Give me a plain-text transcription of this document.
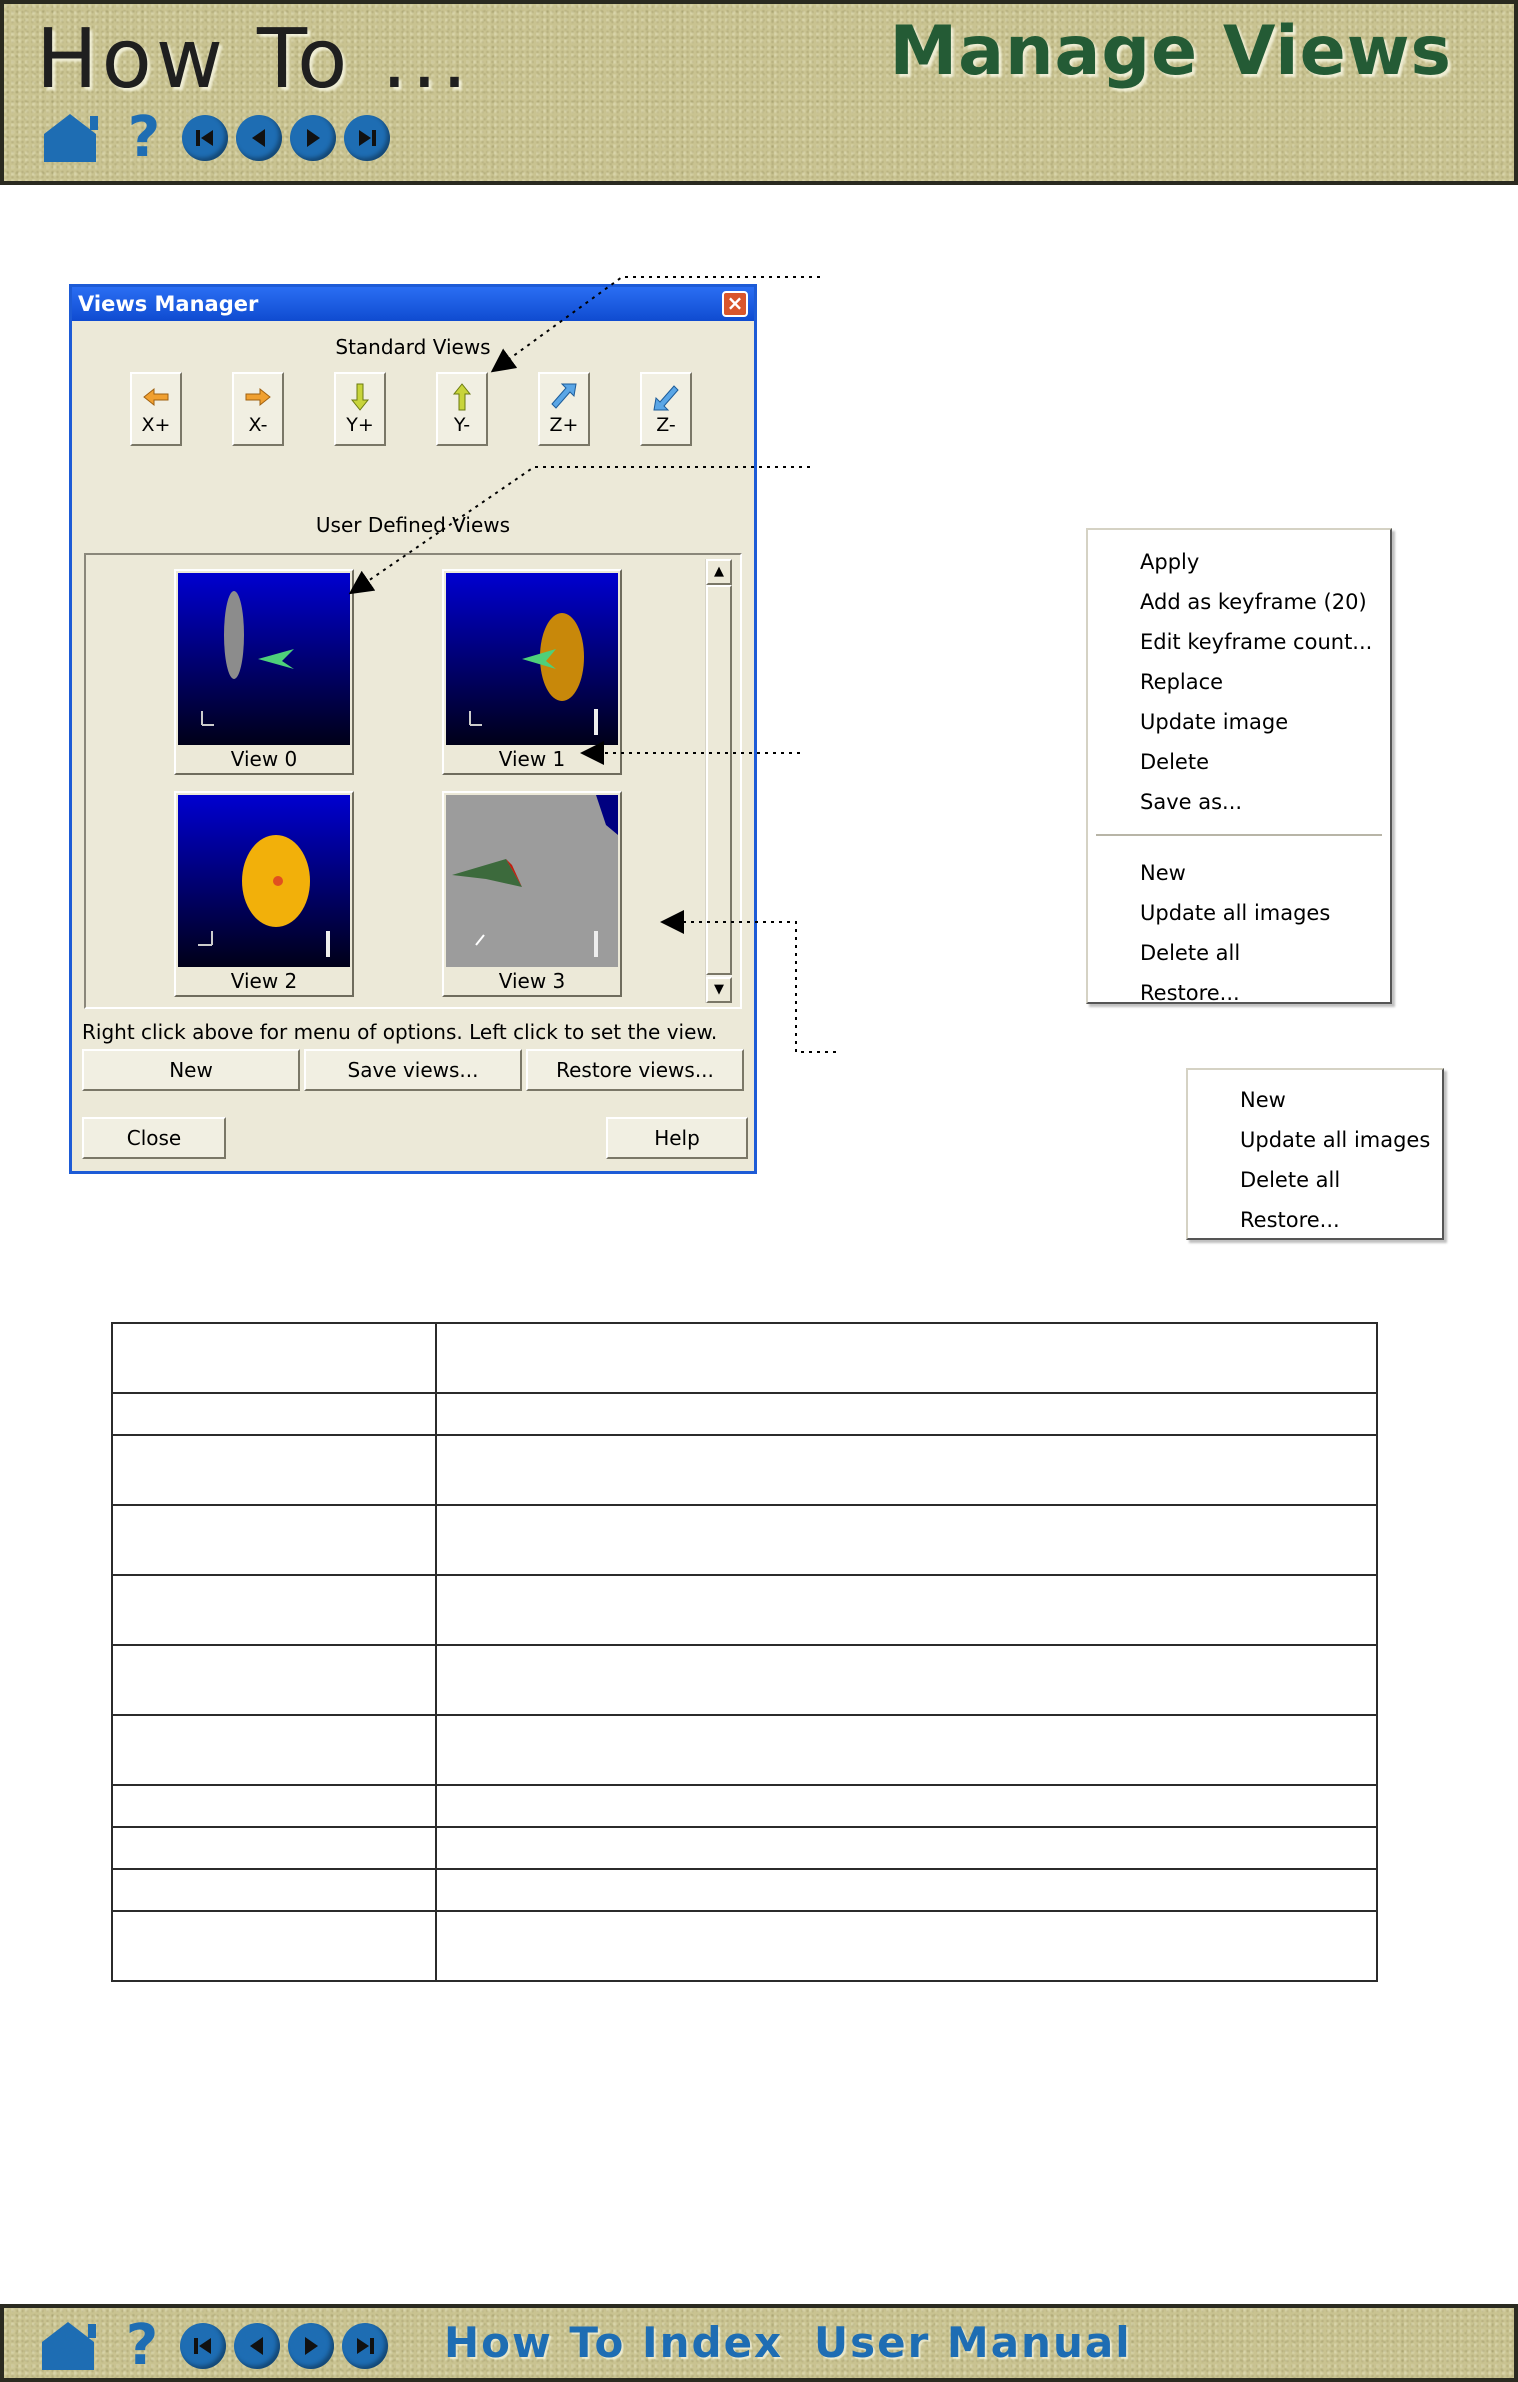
How To ...	Manage Views
?
Views Manager	×
Standard Views
X+	X-	Y+	Y-	Z+	Z-
User Defined Views
View 0	View 1
View 2	View 3
▲
▼
Right click above for menu of options. Left click to set the view.
New	Save views...	Restore views...
Close	Help
Apply
Add as keyframe (20)
Edit keyframe count...
Replace
Update image
Delete
Save as...
New
Update all images
Delete all
Restore...
New
Update all images
Delete all
Restore...

?	How To Index User Manual
